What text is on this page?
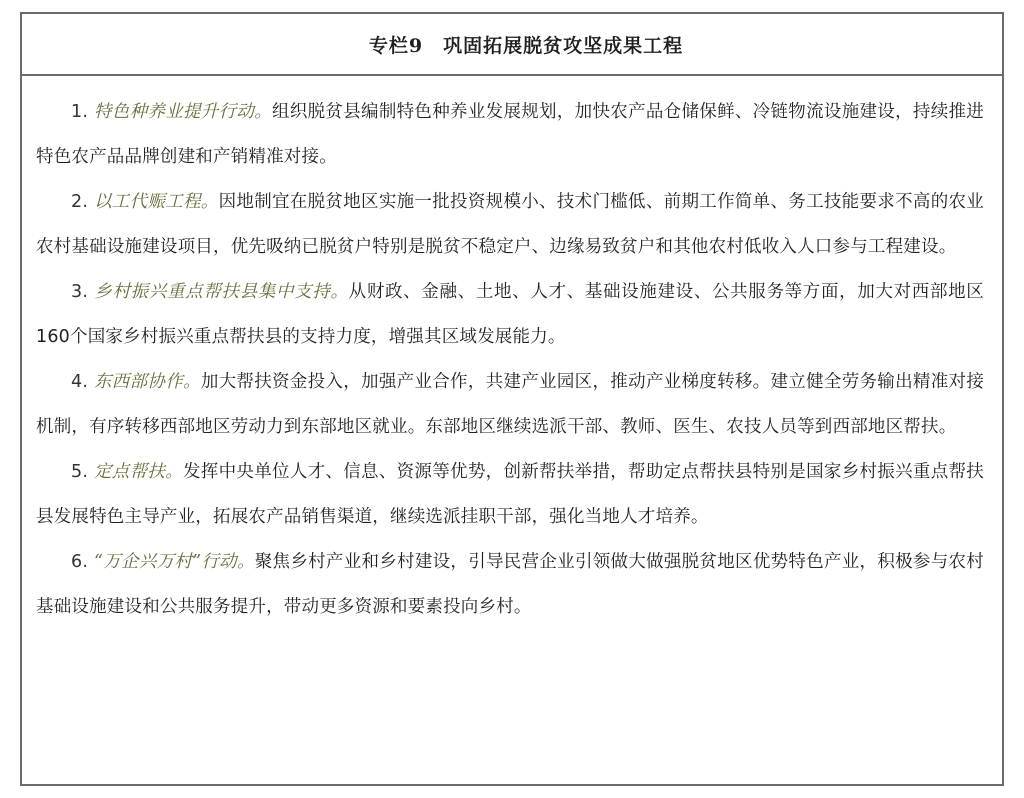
专栏9　巩固拓展脱贫攻坚成果工程

1. 特色种养业提升行动。组织脱贫县编制特色种养业发展规划，加快农产品仓储保鲜、冷链物流设施建设，持续推进特色农产品品牌创建和产销精准对接。

2. 以工代赈工程。因地制宜在脱贫地区实施一批投资规模小、技术门槛低、前期工作简单、务工技能要求不高的农业农村基础设施建设项目，优先吸纳已脱贫户特别是脱贫不稳定户、边缘易致贫户和其他农村低收入人口参与工程建设。

3. 乡村振兴重点帮扶县集中支持。从财政、金融、土地、人才、基础设施建设、公共服务等方面，加大对西部地区160个国家乡村振兴重点帮扶县的支持力度，增强其区域发展能力。

4. 东西部协作。加大帮扶资金投入，加强产业合作，共建产业园区，推动产业梯度转移。建立健全劳务输出精准对接机制，有序转移西部地区劳动力到东部地区就业。东部地区继续选派干部、教师、医生、农技人员等到西部地区帮扶。

5. 定点帮扶。发挥中央单位人才、信息、资源等优势，创新帮扶举措，帮助定点帮扶县特别是国家乡村振兴重点帮扶县发展特色主导产业，拓展农产品销售渠道，继续选派挂职干部，强化当地人才培养。

6. “万企兴万村”行动。聚焦乡村产业和乡村建设，引导民营企业引领做大做强脱贫地区优势特色产业，积极参与农村基础设施建设和公共服务提升，带动更多资源和要素投向乡村。
